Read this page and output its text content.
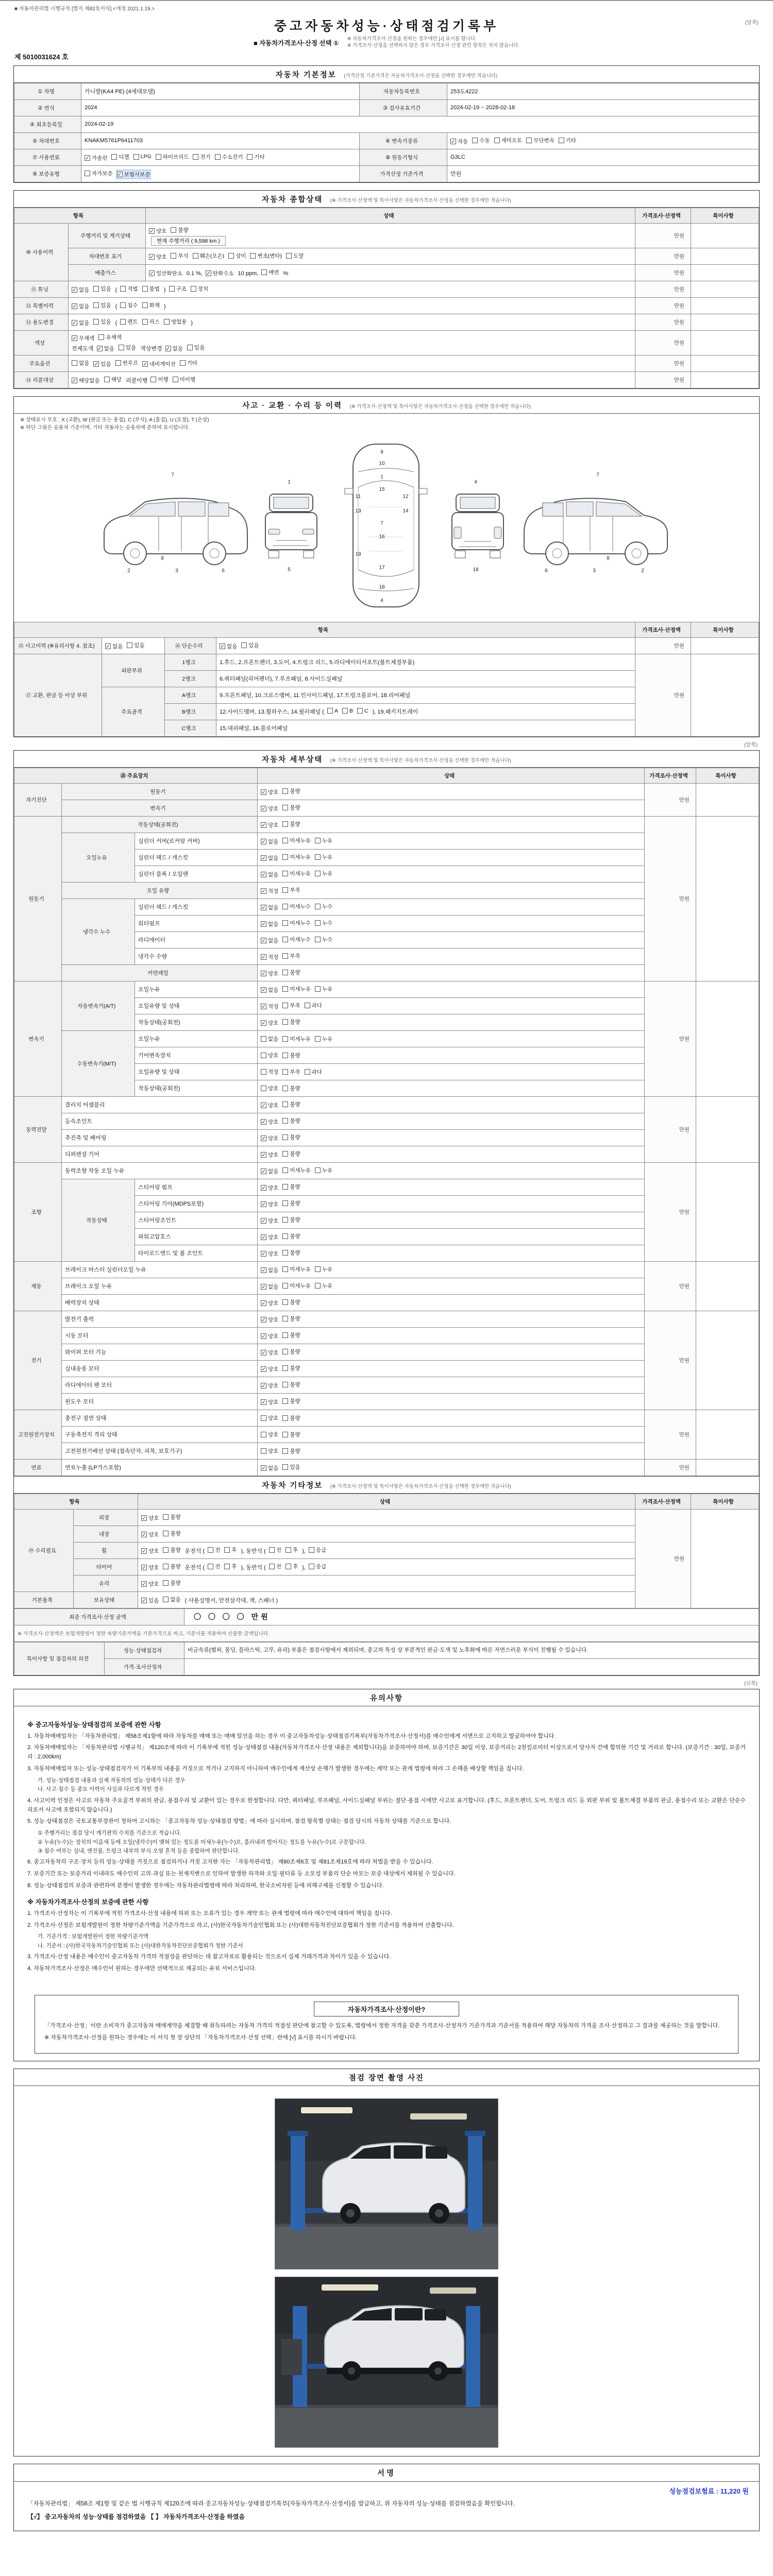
■ 자동차관리법 시행규칙 [별지 제82호서식] <개정 2021.1.19.>
중고자동차성능·상태점검기록부	(앞쪽)
■ 자동차가격조사·산정 선택 ①
※ 자동차가격조사·산정을 원하는 경우에만 [√] 표시를 합니다.
※ 가격조사·산정을 선택하지 않은 경우 가격조사·산정 관련 항목은 적지 않습니다.
제 5010031624 호
자동차 기본정보 (가격산정 기준가격은 자동차가격조사·산정을 선택한 경우에만 적습니다)
① 차명	카니발(KA4 PE) (4세대모델)	자동차등록번호	253도4222
② 연식	2024	③ 검사유효기간	2024-02-19 ~ 2028-02-18
④ 최초등록일	2024-02-19		
⑤ 차대번호	KNAKM5761P6411703	⑥ 변속기종류	✓ 자동 수동 세미오토 무단변속 기타

⑦ 사용연료	✓ 가솔린 디젤 LPG 하이브리드 전기 수소전기 기타	⑧ 원동기형식	G3LC
⑨ 보증유형	자가보증 ✓ 보험사보증	가격산정 기준가격	만원
자동차 종합상태 (※ 가격조사·산정액 및 특이사항은 자동차가격조사·산정을 선택한 경우에만 적습니다)
항목		상태	가격조사·산정액	특이사항
⑩ 사용이력	주행거리 및 계기상태	✓ 양호 불량
현재 주행거리 ( 9,598 km )	만원	
차대번호 표기	✓ 양호 부식 훼손(오손) 상이 변조(변타) 도말	만원	
배출가스	✓ 일산화탄소 0.1 %, ✓ 탄화수소 10 ppm, 매연 %	만원	
⑪ 튜닝	✓ 없음 있음 ( 적법 불법 ) 구조 장치	만원	
⑫ 특별이력	✓ 없음 있음 ( 침수 화재 )	만원	
⑬ 용도변경	✓ 없음 있음 ( 렌트 리스 영업용 )	만원	
색상	
✓ 무채색 유채색
전체도색 ✓ 없음 있음 색상변경 ✓ 없음 있음
	만원	
주요옵션	없음 ✓ 있음 썬루프 ✓ 네비게이션 기타	만원	
⑭ 리콜대상	✓ 해당없음 해당 리콜이행 이행 미이행	만원	
사고 · 교환 · 수리 등 이력 (※ 가격조사·산정액 및 특이사항은 자동차가격조사·산정을 선택한 경우에만 적습니다)
※ 상태표시 부호 : X (교환), W (판금 또는 용접), C (부식), A (흠집), U (요철), T (손상)
※ 하단 그림은 승용차 기준이며, 기타 자동차는 승용차에 준하여 표시합니다.
7
2	3	6
8
1
5
9
10
1
15
11	12
13	14
7
16
19
17
18
4
4
18
7
6	3	2
8
항목				가격조사·산정액	특이사항
⑮ 사고이력 (※유의사항 4. 참조)	✓ 없음 있음	⑯ 단순수리	✓ 없음 있음	만원	
⑰ 교환, 판금 등 이상 부위	외판부위	1랭크	1.후드, 2.프론트펜더, 3.도어, 4.트렁크 리드, 5.라디에이터서포트(볼트체결부품)	만원	
		2랭크	6.쿼터패널(리어펜더), 7.루프패널, 8.사이드실패널		
	주요골격	A랭크	9.프론트패널, 10.크로스멤버, 11.인사이드패널, 17.트렁크플로어, 18.리어패널		
		B랭크	12.사이드멤버, 13.휠하우스, 14.필러패널 ( A B C ), 19.패키지트레이		
		C랭크	15.대쉬패널, 16.플로어패널		
(앞쪽)
자동차 세부상태 (※ 가격조사·산정액 및 특이사항은 자동차가격조사·산정을 선택한 경우에만 적습니다)
⑱ 주요장치			상태	가격조사·산정액	특이사항
자기진단	원동기		✓ 양호 불량	만원	
	변속기		✓ 양호 불량		

원동기	작동상태(공회전)		✓ 양호 불량	만원	
	오일누유	실린더 커버(로커암 커버)	✓ 없음 미세누유 누유		

		실린더 헤드 / 개스킷	✓ 없음 미세누유 누유		

		실린더 블록 / 오일팬	✓ 없음 미세누유 누유		

	오일 유량		✓ 적정 부족		

	냉각수 누수	실린더 헤드 / 개스킷	✓ 없음 미세누수 누수		

		워터펌프	✓ 없음 미세누수 누수		

		라디에이터	✓ 없음 미세누수 누수		

		냉각수 수량	✓ 적정 부족		

	커먼레일		✓ 양호 불량		

변속기	자동변속기(A/T)	오일누유	✓ 없음 미세누유 누유	만원	
		오일유량 및 상태	✓ 적정 부족 과다		

		작동상태(공회전)	✓ 양호 불량		

	수동변속기(M/T)	오일누유	없음 미세누유 누유		

		기어변속장치	양호 불량		

		오일유량 및 상태	적정 부족 과다		

		작동상태(공회전)	양호 불량		

동력전달	클러치 어셈블리		✓ 양호 불량	만원	
	등속조인트		✓ 양호 불량		

	추진축 및 베어링		✓ 양호 불량		

	디퍼렌셜 기어		✓ 양호 불량		

조향	동력조향 작동 오일 누유		✓ 없음 미세누유 누유	만원	
	작동상태	스티어링 펌프	✓ 양호 불량		

		스티어링 기어(MDPS포함)	✓ 양호 불량		

		스티어링조인트	✓ 양호 불량		

		파워고압호스	✓ 양호 불량		

		타이로드엔드 및 볼 조인트	✓ 양호 불량		

제동	브레이크 마스터 실린더오일 누유		✓ 없음 미세누유 누유	만원	
	브레이크 오일 누유		✓ 없음 미세누유 누유		

	배력장치 상태		✓ 양호 불량		

전기	발전기 출력		✓ 양호 불량	만원	
	시동 모터		✓ 양호 불량		

	와이퍼 모터 기능		✓ 양호 불량		

	실내송풍 모터		✓ 양호 불량		

	라디에이터 팬 모터		✓ 양호 불량		

	윈도우 모터		✓ 양호 불량		

고전원전기장치	충전구 절연 상태		양호 불량	만원	
	구동축전지 격리 상태		양호 불량		

	고전원전기배선 상태 (접속단자, 피복, 보호기구)		양호 불량		

연료	연료누출 (LP가스포함)		✓ 없음 있음	만원	
자동차 기타정보 (※ 가격조사·산정액 및 특이사항은 자동차가격조사·산정을 선택한 경우에만 적습니다)
항목		상태	가격조사·산정액	특이사항
⑲ 수리필요	외장	✓ 양호 불량	만원	
	내장	✓ 양호 불량		

휠	✓ 양호 불량 운전석 ( 전 후 ), 동반석 ( 전 후 ), 응급

타이어	✓ 양호 불량 운전석 ( 전 후 ), 동반석 ( 전 후 ), 응급

	유리	✓ 양호 불량		

기본품목	보유상태	✓ 있음 없음 ( 사용설명서, 안전삼각대, 잭, 스패너 )		
최종 가격조사·산정 금액	〇 〇 〇 〇 만원
※ 가격조사·산정액은 보험개발원이 정한 차량기준가액을 기준가격으로 하고, 기준서를 적용하여 산출한 금액입니다.
특이사항 및 점검자의 의견	성능·상태점검자	비금속류(범퍼, 몰딩, 플라스틱, 고무, 유리) 부품은 점검사항에서 제외되며, 중고차 특성 상 부분적인 판금·도색 및 노후화에 따른 자연스러운 부식이 진행될 수 있습니다.
	가격·조사산정자	
(뒤쪽)
유의사항
※ 중고자동차성능·상태점검의 보증에 관한 사항
1. 자동차매매업자는 「자동차관리법」 제58조제1항에 따라 자동차를 매매 또는 매매 알선을 하는 경우 이 중고자동차성능·상태점검기록부(자동차가격조사·산정서)를 매수인에게 서면으로 고지하고 발급하여야 합니다.
2. 자동차매매업자는 「자동차관리법 시행규칙」 제120조에 따라 이 기록부에 적힌 성능·상태점검 내용(자동차가격조사·산정 내용은 제외합니다)을 보증하여야 하며, 보증기간은 30일 이상, 보증거리는 2천킬로미터 이상으로서 당사자 간에 합의한 기간 및 거리로 합니다. (보증기간 : 30일, 보증거리 : 2,000km)
3. 자동차매매업자 또는 성능·상태점검자가 이 기록부의 내용을 거짓으로 적거나 고지하지 아니하여 매수인에게 재산상 손해가 발생한 경우에는 계약 또는 관계 법령에 따라 그 손해를 배상할 책임을 집니다.
가. 성능·상태점검 내용과 실제 자동차의 성능·상태가 다른 경우
나. 사고·침수 등 중요 이력이 사실과 다르게 적힌 경우
4. 사고이력 인정은 사고로 자동차 주요골격 부위의 판금, 용접수리 및 교환이 있는 경우로 한정합니다. 다만, 쿼터패널, 루프패널, 사이드실패널 부위는 절단·용접 시에만 사고로 표기합니다. (후드, 프론트펜더, 도어, 트렁크 리드 등 외판 부위 및 볼트체결 부품의 판금, 용접수리 또는 교환은 단순수리로서 사고에 포함되지 않습니다.)
5. 성능·상태점검은 국토교통부장관이 정하여 고시하는 「중고자동차 성능·상태점검 방법」에 따라 실시하며, 점검 항목별 상태는 점검 당시의 자동차 상태를 기준으로 합니다.
① 주행거리는 점검 당시 계기판의 수치를 기준으로 적습니다.
② 누유(누수)는 장치의 이음새 등에 오일(냉각수)이 맺혀 있는 정도를 미세누유(누수)로, 흘러내려 떨어지는 정도를 누유(누수)로 구분합니다.
③ 침수 여부는 실내, 엔진룸, 트렁크 내부의 부식·오염 흔적 등을 종합하여 판단합니다.
6. 중고자동차의 구조·장치 등의 성능·상태를 거짓으로 점검하거나 거짓 고지한 자는 「자동차관리법」 제80조제6호 및 제81조제19호에 따라 처벌을 받을 수 있습니다.
7. 보증기간 또는 보증거리 이내라도 매수인의 고의·과실 또는 천재지변으로 인하여 발생한 하자와 오일·필터류 등 소모성 부품의 단순 마모는 보증 대상에서 제외될 수 있습니다.
8. 성능·상태점검의 보증과 관련하여 분쟁이 발생한 경우에는 자동차관리법령에 따라 처리하며, 한국소비자원 등에 피해구제를 신청할 수 있습니다.
※ 자동차가격조사·산정의 보증에 관한 사항
1. 가격조사·산정자는 이 기록부에 적힌 가격조사·산정 내용에 허위 또는 오류가 있는 경우 계약 또는 관계 법령에 따라 매수인에 대하여 책임을 집니다.
2. 가격조사·산정은 보험개발원이 정한 차량기준가액을 기준가격으로 하고, (사)한국자동차기술인협회 또는 (사)대한자동차진단보증협회가 정한 기준서를 적용하여 산출합니다.
가. 기준가격 : 보험개발원이 정한 차량기준가액
나. 기준서 : (사)한국자동차기술인협회 또는 (사)대한자동차진단보증협회가 정한 기준서
3. 가격조사·산정 내용은 매수인이 중고자동차 가격의 적절성을 판단하는 데 참고자료로 활용되는 것으로서 실제 거래가격과 차이가 있을 수 있습니다.
4. 자동차가격조사·산정은 매수인이 원하는 경우에만 선택적으로 제공되는 유료 서비스입니다.
자동차가격조사·산정이란?

「가격조사·산정」이란 소비자가 중고자동차 매매계약을 체결할 때 취득하려는 자동차 가격의 적절성 판단에 참고할 수 있도록, 법령에서 정한 자격을 갖춘 가격조사·산정자가 기준가격과 기준서를 적용하여 해당 자동차의 가격을 조사·산정하고 그 결과를 제공하는 것을 말합니다.

※ 자동차가격조사·산정을 원하는 경우에는 이 서식 첫 장 상단의 「자동차가격조사·산정 선택」란에 [√] 표시를 하시기 바랍니다.

점검 장면 촬영 사진
서명
성능점검보험료 : 11,220 원
「자동차관리법」 제58조 제1항 및 같은 법 시행규칙 제120조에 따라 중고자동차성능·상태점검기록부(자동차가격조사·산정서)를 발급하고, 위 자동차의 성능·상태를 점검하였음을 확인합니다.
【√】 중고자동차의 성능·상태를 점검하였음 【 】 자동차가격조사·산정을 하였음
